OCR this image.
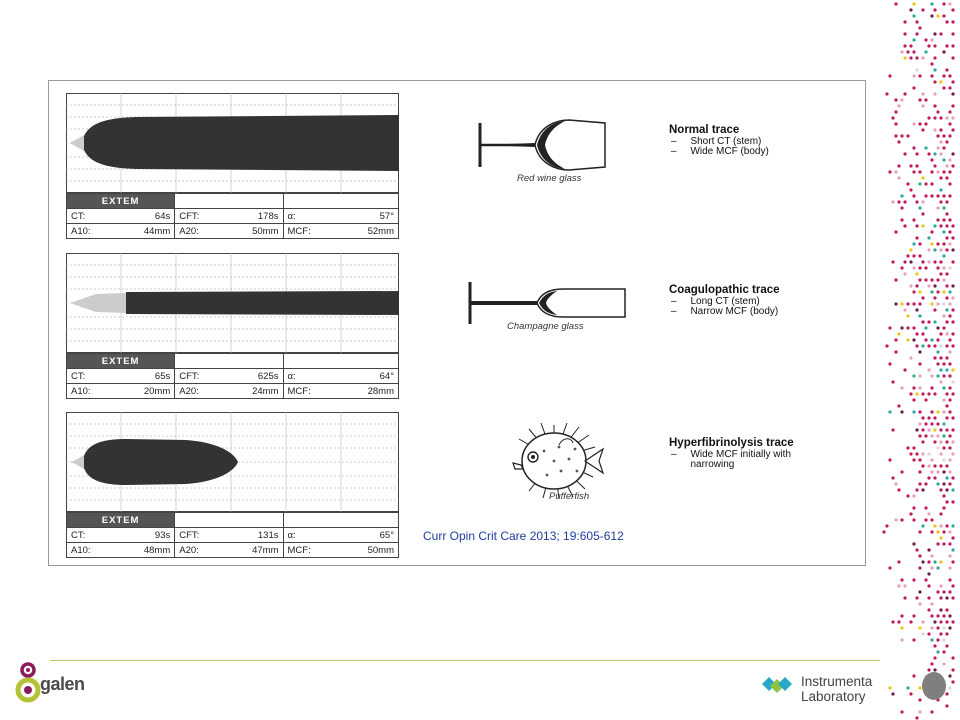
EXTEM		

CT: 64s	CFT: 178s	α: 57°

A10: 44mm	A20: 50mm	MCF: 52mm
Red wine glass
Normal trace
–     Short CT (stem)
–     Wide MCF (body)
EXTEM		

CT: 65s	CFT: 625s	α: 64°

A10: 20mm	A20: 24mm	MCF: 28mm
Champagne glass
Coagulopathic trace
–     Long CT (stem)
–     Narrow MCF (body)
EXTEM		

CT: 93s	CFT: 131s	α: 65°

A10: 48mm	A20: 47mm	MCF: 50mm
Pufferfish
Hyperfibrinolysis trace
– Wide MCF initially with narrowing
Curr Opin Crit Care 2013; 19:605-612
galen	Instrumenta
Laboratory
